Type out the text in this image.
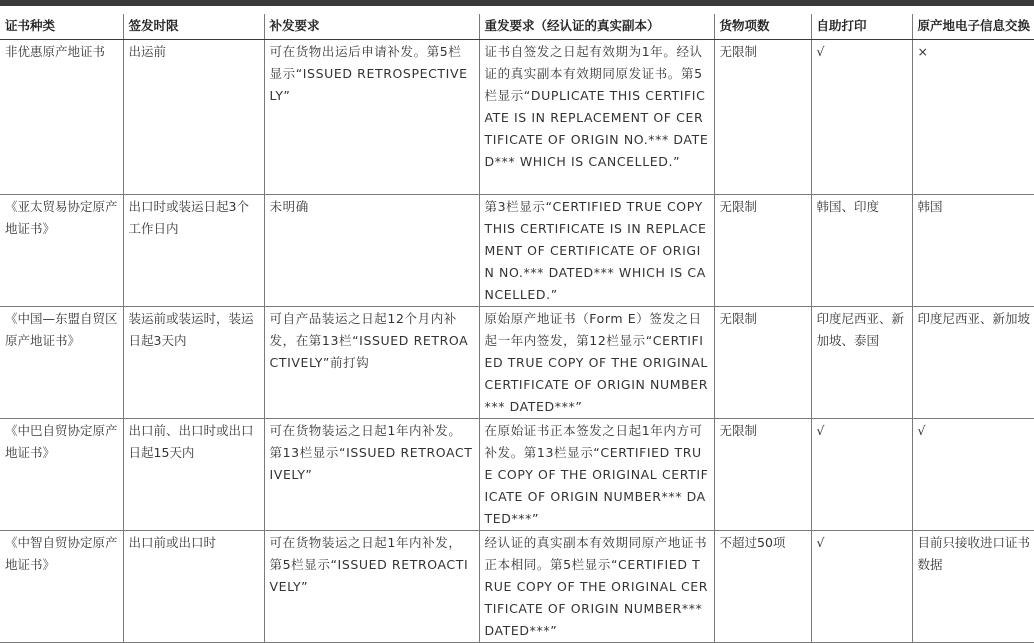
证书种类	签发时限	补发要求	重发要求（经认证的真实副本）	货物项数	自助打印	原产地电子信息交换
非优惠原产地证书	出运前	可在货物出运后申请补发。第5栏显示“ISSUED RETROSPECTIVELY”	证书自签发之日起有效期为1年。经认证的真实副本有效期同原发证书。第5栏显示“DUPLICATE THIS CERTIFICATE IS IN REPLACEMENT OF CERTIFICATE OF ORIGIN NO.*** DATED*** WHICH IS CANCELLED.”	无限制	√	×
《亚太贸易协定原产地证书》	出口时或装运日起3个工作日内	未明确	第3栏显示“CERTIFIED TRUE COPY THIS CERTIFICATE IS IN REPLACEMENT OF CERTIFICATE OF ORIGIN NO.*** DATED*** WHICH IS CANCELLED.”	无限制	韩国、印度	韩国
《中国—东盟自贸区原产地证书》	装运前或装运时，装运日起3天内	可自产品装运之日起12个月内补发，在第13栏“ISSUED RETROACTIVELY”前打钩	原始原产地证书（Form E）签发之日起一年内签发，第12栏显示“CERTIFIED TRUE COPY OF THE ORIGINAL CERTIFICATE OF ORIGIN NUMBER*** DATED***”	无限制	印度尼西亚、新加坡、泰国	印度尼西亚、新加坡
《中巴自贸协定原产地证书》	出口前、出口时或出口日起15天内	可在货物装运之日起1年内补发。第13栏显示“ISSUED RETROACTIVELY”	在原始证书正本签发之日起1年内方可补发。第13栏显示“CERTIFIED TRUE COPY OF THE ORIGINAL CERTIFICATE OF ORIGIN NUMBER*** DATED***”	无限制	√	√
《中智自贸协定原产地证书》	出口前或出口时	可在货物装运之日起1年内补发，第5栏显示“ISSUED RETROACTIVELY”	经认证的真实副本有效期同原产地证书正本相同。第5栏显示“CERTIFIED TRUE COPY OF THE ORIGINAL CERTIFICATE OF ORIGIN NUMBER*** DATED***”	不超过50项	√	目前只接收进口证书数据
